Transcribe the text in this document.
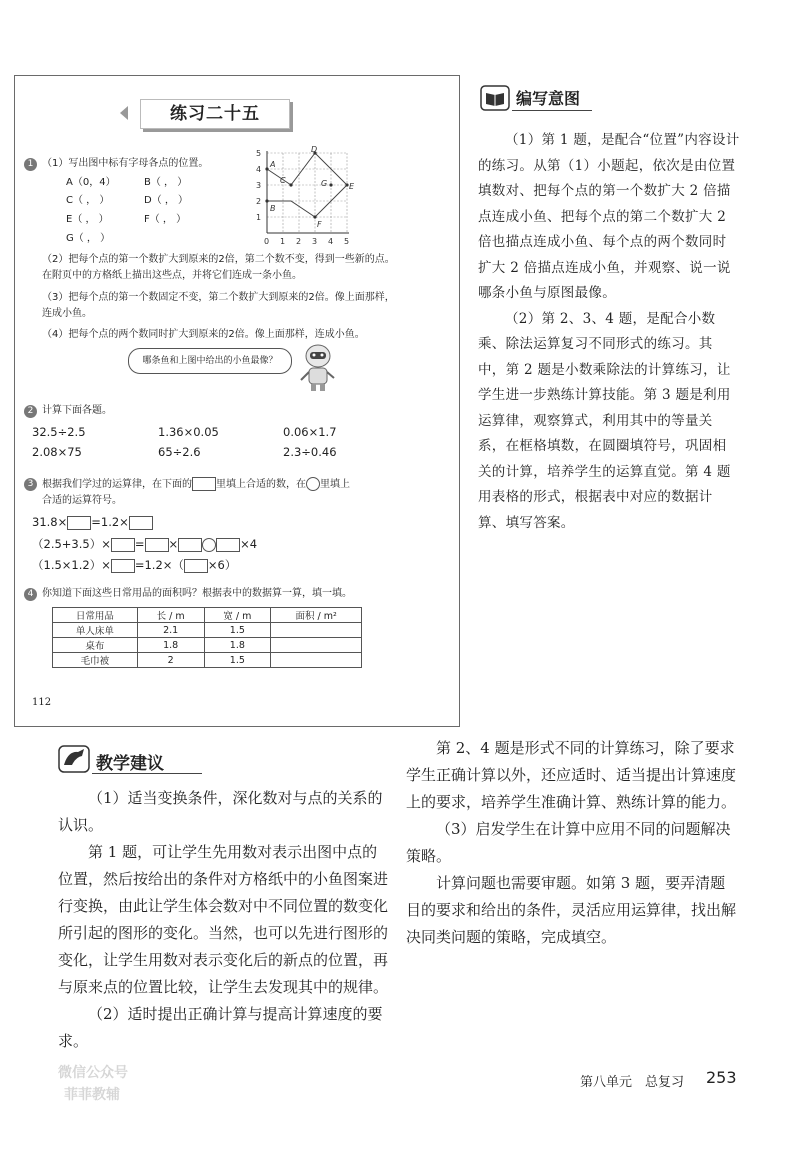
练习二十五
1 （1）写出图中标有字母各点的位置。
A（0，4）	B（ ， ）
C（ ， ）	D（ ， ）
E（ ， ）	F（ ， ）
G（ ， ）
5
4
3
2
1
0 1 2 3 4 5
A
C
D
G	E
F
B
（2）把每个点的第一个数扩大到原来的2倍，第二个数不变，得到一些新的点。在附页中的方格纸上描出这些点，并将它们连成一条小鱼。
（3）把每个点的第一个数固定不变，第二个数扩大到原来的2倍。像上面那样，连成小鱼。
（4）把每个点的两个数同时扩大到原来的2倍。像上面那样，连成小鱼。
哪条鱼和上图中给出的小鱼最像？
2 计算下面各题。
32.5÷2.5	1.36×0.05	0.06×1.7
2.08×75	65÷2.6	2.3÷0.46
3 根据我们学过的运算律，在下面的 里填上合适的数，在 里填上
合适的运算符号。
31.8× =1.2×
（2.5+3.5）× = ×	×4
（1.5×1.2）× =1.2×（ ×6）
4 你知道下面这些日常用品的面积吗？根据表中的数据算一算，填一填。
日常用品	长 / m	宽 / m	面积 / m²
单人床单	2.1	1.5	
桌布	1.8	1.8	
毛巾被	2	1.5	
112
编写意图

（1）第 1 题，是配合“位置”内容设计的练习。从第（1）小题起，依次是由位置填数对、把每个点的第一个数扩大 2 倍描点连成小鱼、把每个点的第二个数扩大 2 倍也描点连成小鱼、每个点的两个数同时扩大 2 倍描点连成小鱼，并观察、说一说哪条小鱼与原图最像。

（2）第 2、3、4 题，是配合小数乘、除法运算复习不同形式的练习。其中，第 2 题是小数乘除法的计算练习，让学生进一步熟练计算技能。第 3 题是利用运算律，观察算式，利用其中的等量关系，在框格填数，在圆圈填符号，巩固相关的计算，培养学生的运算直觉。第 4 题用表格的形式，根据表中对应的数据计算、填写答案。

教学建议

（1）适当变换条件，深化数对与点的关系的认识。

第 1 题，可让学生先用数对表示出图中点的位置，然后按给出的条件对方格纸中的小鱼图案进行变换，由此让学生体会数对中不同位置的数变化所引起的图形的变化。当然，也可以先进行图形的变化，让学生用数对表示变化后的新点的位置，再与原来点的位置比较，让学生去发现其中的规律。

（2）适时提出正确计算与提高计算速度的要求。

第 2、4 题是形式不同的计算练习，除了要求学生正确计算以外，还应适时、适当提出计算速度上的要求，培养学生准确计算、熟练计算的能力。

（3）启发学生在计算中应用不同的问题解决策略。

计算问题也需要审题。如第 3 题，要弄清题目的要求和给出的条件，灵活应用运算律，找出解决同类问题的策略，完成填空。

微信公众号
菲菲教辅
第八单元　总复习 253
